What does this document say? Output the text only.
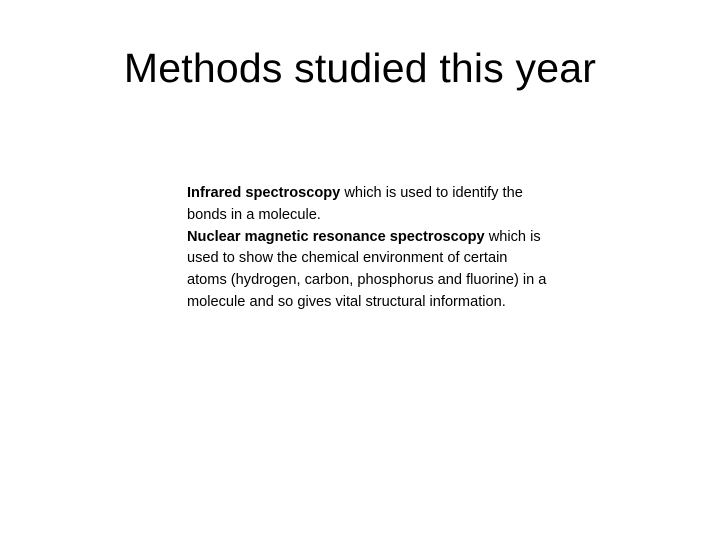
Methods studied this year

Infrared spectroscopy which is used to identify the bonds in a molecule.

Nuclear magnetic resonance spectroscopy which is used to show the chemical environment of certain atoms (hydrogen, carbon, phosphorus and fluorine) in a molecule and so gives vital structural information.
